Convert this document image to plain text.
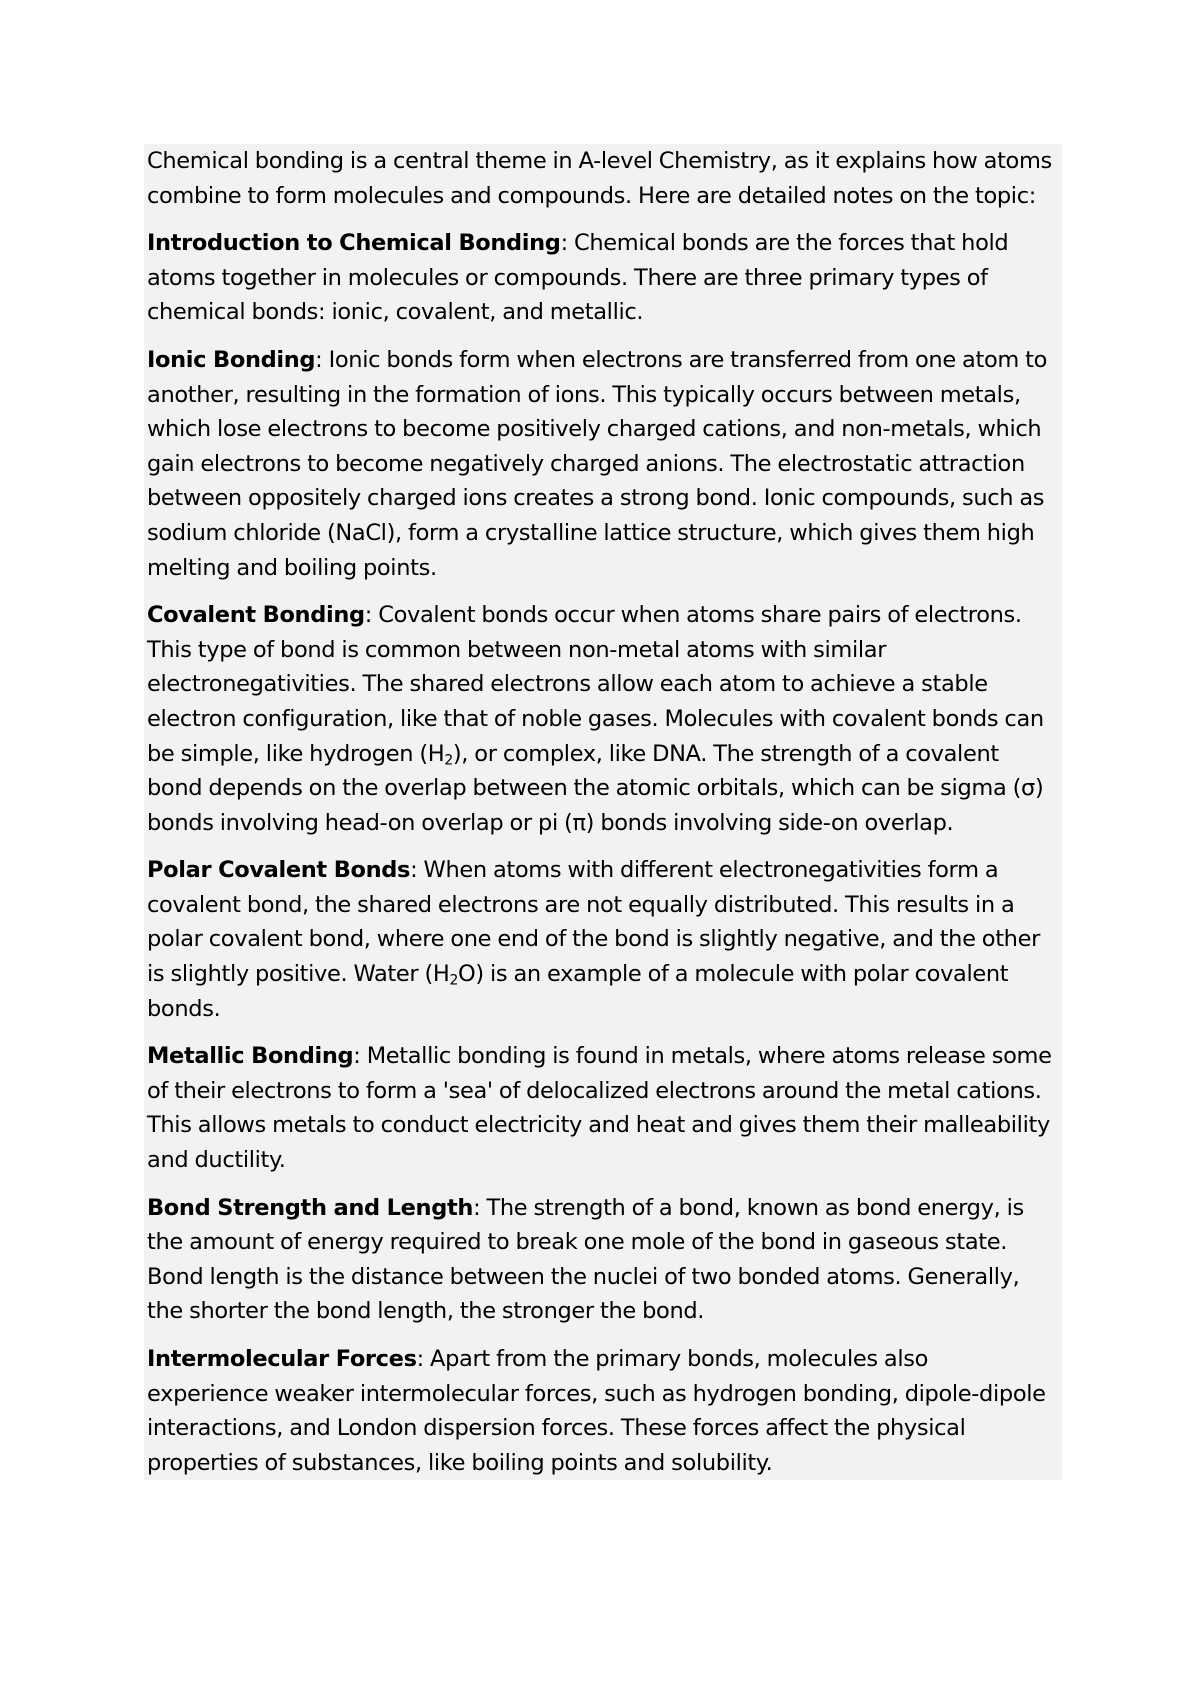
Chemical bonding is a central theme in A-level Chemistry, as it explains how atoms combine to form molecules and compounds. Here are detailed notes on the topic:

Introduction to Chemical Bonding: Chemical bonds are the forces that hold atoms together in molecules or compounds. There are three primary types of chemical bonds: ionic, covalent, and metallic.

Ionic Bonding: Ionic bonds form when electrons are transferred from one atom to another, resulting in the formation of ions. This typically occurs between metals, which lose electrons to become positively charged cations, and non-metals, which gain electrons to become negatively charged anions. The electrostatic attraction between oppositely charged ions creates a strong bond. Ionic compounds, such as sodium chloride (NaCl), form a crystalline lattice structure, which gives them high melting and boiling points.

Covalent Bonding: Covalent bonds occur when atoms share pairs of electrons. This type of bond is common between non-metal atoms with similar electronegativities. The shared electrons allow each atom to achieve a stable electron configuration, like that of noble gases. Molecules with covalent bonds can be simple, like hydrogen $(H_2)$, or complex, like DNA. The strength of a covalent bond depends on the overlap between the atomic orbitals, which can be sigma (σ) bonds involving head-on overlap or pi (π) bonds involving side-on overlap.

Polar Covalent Bonds: When atoms with different electronegativities form a covalent bond, the shared electrons are not equally distributed. This results in a polar covalent bond, where one end of the bond is slightly negative, and the other is slightly positive. Water $(H_2O)$ is an example of a molecule with polar covalent bonds.

Metallic Bonding: Metallic bonding is found in metals, where atoms release some of their electrons to form a 'sea' of delocalized electrons around the metal cations. This allows metals to conduct electricity and heat and gives them their malleability and ductility.

Bond Strength and Length: The strength of a bond, known as bond energy, is the amount of energy required to break one mole of the bond in gaseous state. Bond length is the distance between the nuclei of two bonded atoms. Generally, the shorter the bond length, the stronger the bond.

Intermolecular Forces: Apart from the primary bonds, molecules also experience weaker intermolecular forces, such as hydrogen bonding, dipole-dipole interactions, and London dispersion forces. These forces affect the physical properties of substances, like boiling points and solubility.
